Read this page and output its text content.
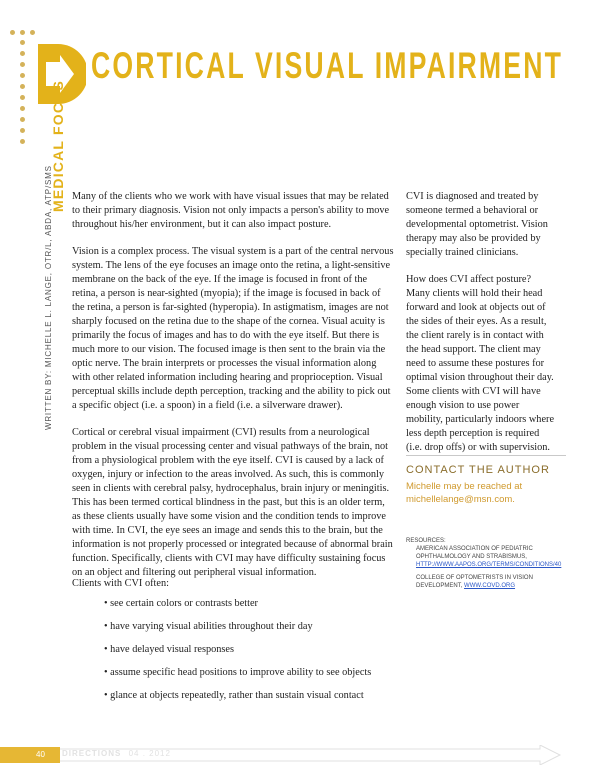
CORTICAL VISUAL IMPAIRMENT
MEDICAL FOCUS
WRITTEN BY: MICHELLE L. LANGE, OTR/L, ABDA, ATP/SMS Many of the clients who we work with have visual issues that may be related to their primary diagnosis. Vision not only impacts a person's ability to move throughout his/her environment, but it can also impact posture.

Vision is a complex process. The visual system is a part of the central nervous system. The lens of the eye focuses an image onto the retina, a light-sensitive membrane on the back of the eye. If the image is focused in front of the retina, a person is near-sighted (myopia); if the image is focused in back of the retina, a person is far-sighted (hyperopia). In astigmatism, images are not sharply focused on the retina due to the shape of the cornea. Visual acuity is primarily the focus of images and has to do with the eye itself. But there is much more to our vision. The focused image is then sent to the brain via the optic nerve. The brain interprets or processes the visual information along with other related information including hearing and proprioception. Visual perceptual skills include depth perception, tracking and the ability to pick out a specific object (i.e. a spoon) in a field (i.e. a silverware drawer).

Cortical or cerebral visual impairment (CVI) results from a neurological problem in the visual processing center and visual pathways of the brain, not from a physiological problem with the eye itself. CVI is caused by a lack of oxygen, injury or infection to the areas involved. As such, this is commonly seen in clients with cerebral palsy, hydrocephalus, brain injury or meningitis. This has been termed cortical blindness in the past, but this is an older term, as these clients usually have some vision and the condition tends to improve with time. In CVI, the eye sees an image and sends this to the brain, but the information is not properly processed or integrated because of abnormal brain function. Specifically, clients with CVI may have difficulty sustaining focus on an object and filtering out peripheral visual information.

CVI is diagnosed and treated by someone termed a behavioral or developmental optometrist. Vision therapy may also be provided by specially trained clinicians.

How does CVI affect posture? Many clients will hold their head forward and look at objects out of the sides of their eyes. As a result, the client rarely is in contact with the head support. The client may need to assume these postures for optimal vision throughout their day. Some clients with CVI will have enough vision to use power mobility, particularly indoors where less depth perception is required (i.e. drop offs) or with supervision.

CONTACT THE AUTHOR
Michelle may be reached at
michellelange@msn.com.
RESOURCES:
AMERICAN ASSOCIATION OF PEDIATRIC OPHTHALMOLOGY AND STRABISMUS, HTTP://WWW.AAPOS.ORG/TERMS/CONDITIONS/40
COLLEGE OF OPTOMETRISTS IN VISION DEVELOPMENT, WWW.COVD.ORG
Clients with CVI often:
• see certain colors or contrasts better
• have varying visual abilities throughout their day
• have delayed visual responses
• assume specific head positions to improve ability to see objects
• glance at objects repeatedly, rather than sustain visual contact
40	DIRECTIONS 04 . 2012
